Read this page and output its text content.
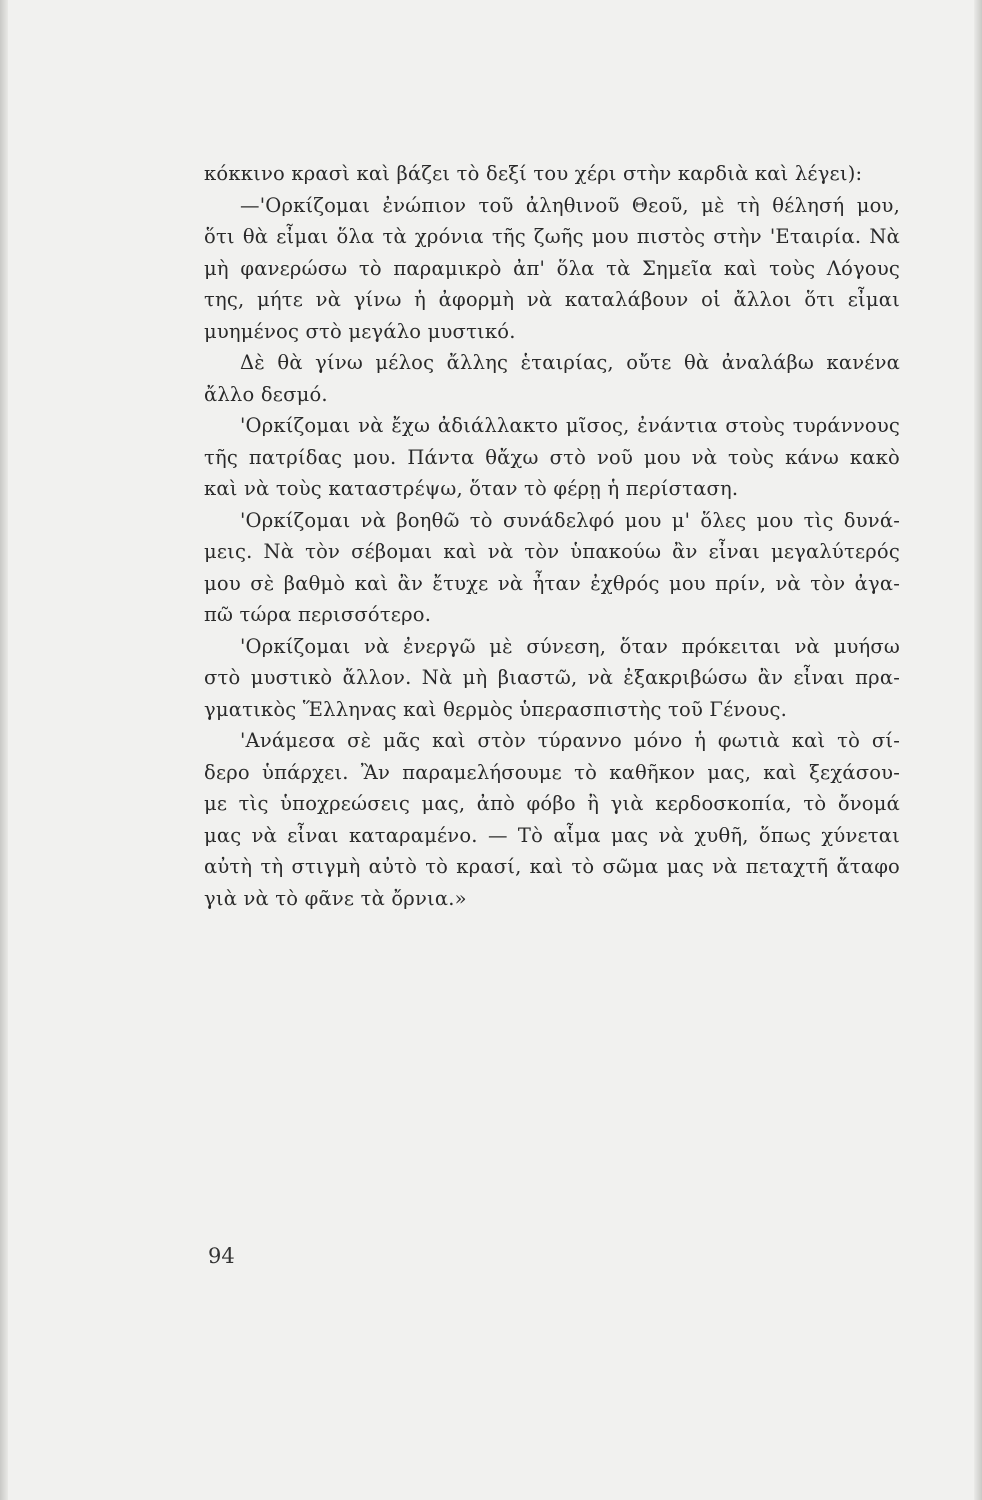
κόκκινο κρασὶ καὶ βάζει τὸ δεξί του χέρι στὴν καρδιὰ καὶ λέγει):
—'Ορκίζομαι ἐνώπιον τοῦ ἀληθινοῦ Θεοῦ, μὲ τὴ θέλησή μου,
ὅτι θὰ εἶμαι ὅλα τὰ χρόνια τῆς ζωῆς μου πιστὸς στὴν 'Εταιρία. Νὰ
μὴ φανερώσω τὸ παραμικρὸ ἀπ' ὅλα τὰ Σημεῖα καὶ τοὺς Λόγους
της, μήτε νὰ γίνω ἡ ἀφορμὴ νὰ καταλάβουν οἱ ἄλλοι ὅτι εἶμαι
μυημένος στὸ μεγάλο μυστικό.
Δὲ θὰ γίνω μέλος ἄλλης ἑταιρίας, οὔτε θὰ ἀναλάβω κανένα
ἄλλο δεσμό.
'Ορκίζομαι νὰ ἔχω ἀδιάλλακτο μῖσος, ἐνάντια στοὺς τυράννους
τῆς πατρίδας μου. Πάντα θἄχω στὸ νοῦ μου νὰ τοὺς κάνω κακὸ
καὶ νὰ τοὺς καταστρέψω, ὅταν τὸ φέρῃ ἡ περίσταση.
'Ορκίζομαι νὰ βοηθῶ τὸ συνάδελφό μου μ' ὅλες μου τὶς δυνά-
μεις. Νὰ τὸν σέβομαι καὶ νὰ τὸν ὑπακούω ἂν εἶναι μεγαλύτερός
μου σὲ βαθμὸ καὶ ἂν ἔτυχε νὰ ἦταν ἐχθρός μου πρίν, νὰ τὸν ἀγα-
πῶ τώρα περισσότερο.
'Ορκίζομαι νὰ ἐνεργῶ μὲ σύνεση, ὅταν πρόκειται νὰ μυήσω
στὸ μυστικὸ ἄλλον. Νὰ μὴ βιαστῶ, νὰ ἐξακριβώσω ἂν εἶναι πρα-
γματικὸς Ἕλληνας καὶ θερμὸς ὑπερασπιστὴς τοῦ Γένους.
'Ανάμεσα σὲ μᾶς καὶ στὸν τύραννο μόνο ἡ φωτιὰ καὶ τὸ σί-
δερο ὑπάρχει. Ἂν παραμελήσουμε τὸ καθῆκον μας, καὶ ξεχάσου-
με τὶς ὑποχρεώσεις μας, ἀπὸ φόβο ἢ γιὰ κερδοσκοπία, τὸ ὄνομά
μας νὰ εἶναι καταραμένο. — Τὸ αἷμα μας νὰ χυθῆ, ὅπως χύνεται
αὐτὴ τὴ στιγμὴ αὐτὸ τὸ κρασί, καὶ τὸ σῶμα μας νὰ πεταχτῆ ἄταφο
γιὰ νὰ τὸ φᾶνε τὰ ὄρνια.»
94
